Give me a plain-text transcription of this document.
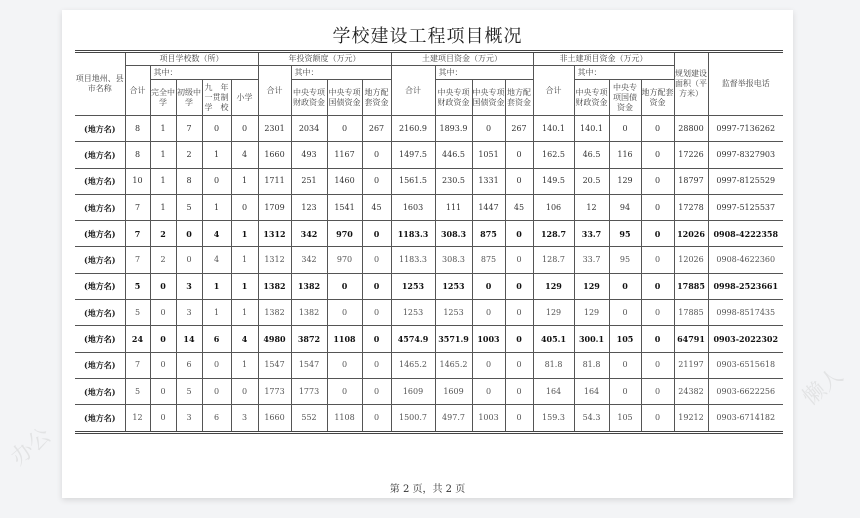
学校建设工程项目概况
项目地州、县市名称	项目学校数（所）					年投资额度（万元）				土建项目资金（万元）				非土建项目资金（万元）				规划建设面积（平方米）	监督举报电话
	合计	其中：				合计	其中：			合计	其中：			合计	其中：				
		完全中学	初级中学	九　年一贯制学　校	小学		中央专项财政资金	中央专项国债资金	地方配套资金		中央专项财政资金	中央专项国债资金	地方配套资金		中央专项财政资金	中央专项国债资金	地方配套资金		
(地方名)	8	1	7	0	0	2301	2034	0	267	2160.9	1893.9	0	267	140.1	140.1	0	0	28800	0997-7136262
(地方名)	8	1	2	1	4	1660	493	1167	0	1497.5	446.5	1051	0	162.5	46.5	116	0	17226	0997-8327903
(地方名)	10	1	8	0	1	1711	251	1460	0	1561.5	230.5	1331	0	149.5	20.5	129	0	18797	0997-8125529
(地方名)	7	1	5	1	0	1709	123	1541	45	1603	111	1447	45	106	12	94	0	17278	0997-5125537
(地方名)	7	2	0	4	1	1312	342	970	0	1183.3	308.3	875	0	128.7	33.7	95	0	12026	0908-4222358
(地方名)	7	2	0	4	1	1312	342	970	0	1183.3	308.3	875	0	128.7	33.7	95	0	12026	0908-4622360
(地方名)	5	0	3	1	1	1382	1382	0	0	1253	1253	0	0	129	129	0	0	17885	0998-2523661
(地方名)	5	0	3	1	1	1382	1382	0	0	1253	1253	0	0	129	129	0	0	17885	0998-8517435
(地方名)	24	0	14	6	4	4980	3872	1108	0	4574.9	3571.9	1003	0	405.1	300.1	105	0	64791	0903-2022302
(地方名)	7	0	6	0	1	1547	1547	0	0	1465.2	1465.2	0	0	81.8	81.8	0	0	21197	0903-6515618
(地方名)	5	0	5	0	0	1773	1773	0	0	1609	1609	0	0	164	164	0	0	24382	0903-6622256
(地方名)	12	0	3	6	3	1660	552	1108	0	1500.7	497.7	1003	0	159.3	54.3	105	0	19212	0903-6714182
第 2 页，共 2 页
办公
懒人
